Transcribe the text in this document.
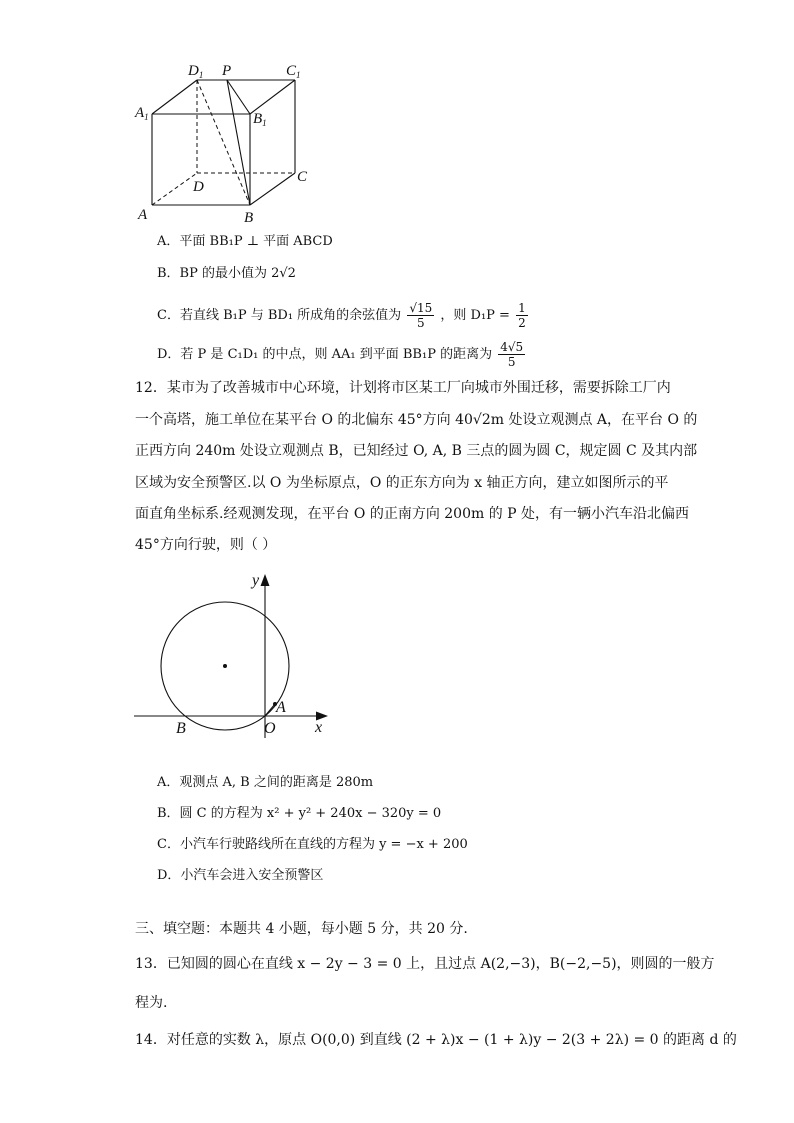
$D_1$ P	$C_1$
$A_1$	$B_1$
D
C
A	B
A．平面 BB₁P ⊥ 平面 ABCD
B．BP 的最小值为 2√2
C．若直线 B₁P 与 BD₁ 所成角的余弦值为 $\frac{√15}{5}$ ，则 $D_1P = \frac{1}{2}$
D．若 P 是 C₁D₁ 的中点，则 AA₁ 到平面 BB₁P 的距离为 $\frac{4√5}{5}$
12．某市为了改善城市中心环境，计划将市区某工厂向城市外围迁移，需要拆除工厂内
一个高塔，施工单位在某平台 O 的北偏东 45°方向 40√2m 处设立观测点 A，在平台 O 的
正西方向 240m 处设立观测点 B，已知经过 O, A, B 三点的圆为圆 C，规定圆 C 及其内部
区域为安全预警区.以 O 为坐标原点，O 的正东方向为 x 轴正方向，建立如图所示的平
面直角坐标系.经观测发现，在平台 O 的正南方向 200m 的 P 处，有一辆小汽车沿北偏西
45°方向行驶，则（ ）
y
x
A
B	O
A．观测点 A, B 之间的距离是 280m
B．圆 C 的方程为 x² + y² + 240x − 320y = 0
C．小汽车行驶路线所在直线的方程为 y = −x + 200
D．小汽车会进入安全预警区
三、填空题：本题共 4 小题，每小题 5 分，共 20 分.
13．已知圆的圆心在直线 x − 2y − 3 = 0 上，且过点 A(2,−3)，B(−2,−5)，则圆的一般方
程为.
14．对任意的实数 λ，原点 O(0,0) 到直线 (2 + λ)x − (1 + λ)y − 2(3 + 2λ) = 0 的距离 d 的
